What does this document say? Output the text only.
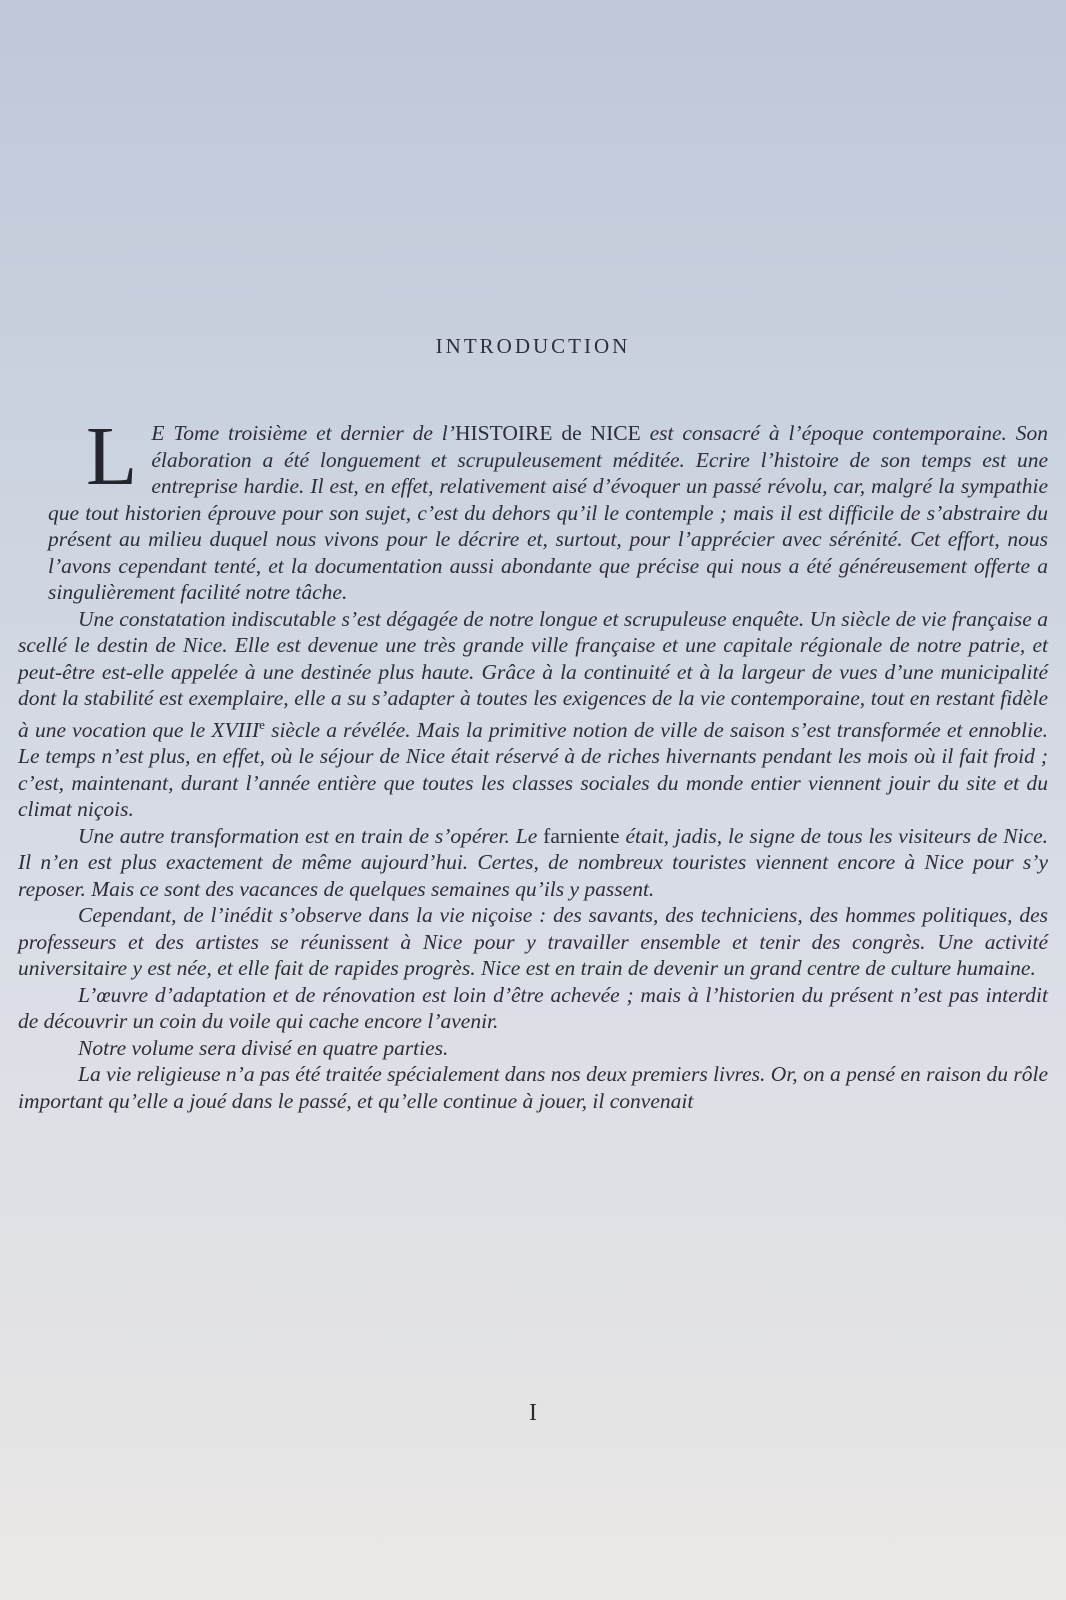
INTRODUCTION

L E Tome troisième et dernier de l’HISTOIRE de NICE est consacré à l’époque contemporaine. Son élaboration a été longuement et scrupuleusement méditée. Ecrire l’histoire de son temps est une entreprise hardie. Il est, en effet, relativement aisé d’évoquer un passé révolu, car, malgré la sympathie que tout historien éprouve pour son sujet, c’est du dehors qu’il le contemple ; mais il est difficile de s’abstraire du présent au milieu duquel nous vivons pour le décrire et, surtout, pour l’apprécier avec sérénité. Cet effort, nous l’avons cependant tenté, et la documentation aussi abondante que précise qui nous a été généreusement offerte a singulièrement facilité notre tâche.

Une constatation indiscutable s’est dégagée de notre longue et scrupuleuse enquête. Un siècle de vie française a scellé le destin de Nice. Elle est devenue une très grande ville française et une capitale régionale de notre patrie, et peut-être est-elle appelée à une destinée plus haute. Grâce à la continuité et à la largeur de vues d’une municipalité dont la stabilité est exemplaire, elle a su s’adapter à toutes les exigences de la vie contemporaine, tout en restant fidèle à une vocation que le XVIIIe siècle a révélée. Mais la primitive notion de ville de saison s’est transformée et ennoblie. Le temps n’est plus, en effet, où le séjour de Nice était réservé à de riches hivernants pendant les mois où il fait froid ; c’est, maintenant, durant l’année entière que toutes les classes sociales du monde entier viennent jouir du site et du climat niçois.

Une autre transformation est en train de s’opérer. Le farniente était, jadis, le signe de tous les visiteurs de Nice. Il n’en est plus exactement de même aujourd’hui. Certes, de nombreux touristes viennent encore à Nice pour s’y reposer. Mais ce sont des vacances de quelques semaines qu’ils y passent.

Cependant, de l’inédit s’observe dans la vie niçoise : des savants, des techniciens, des hommes politiques, des professeurs et des artistes se réunissent à Nice pour y travailler ensemble et tenir des congrès. Une activité universitaire y est née, et elle fait de rapides progrès. Nice est en train de devenir un grand centre de culture humaine.

L’œuvre d’adaptation et de rénovation est loin d’être achevée ; mais à l’historien du présent n’est pas interdit de découvrir un coin du voile qui cache encore l’avenir.

Notre volume sera divisé en quatre parties.

La vie religieuse n’a pas été traitée spécialement dans nos deux premiers livres. Or, on a pensé en raison du rôle important qu’elle a joué dans le passé, et qu’elle continue à jouer, il convenait

I
